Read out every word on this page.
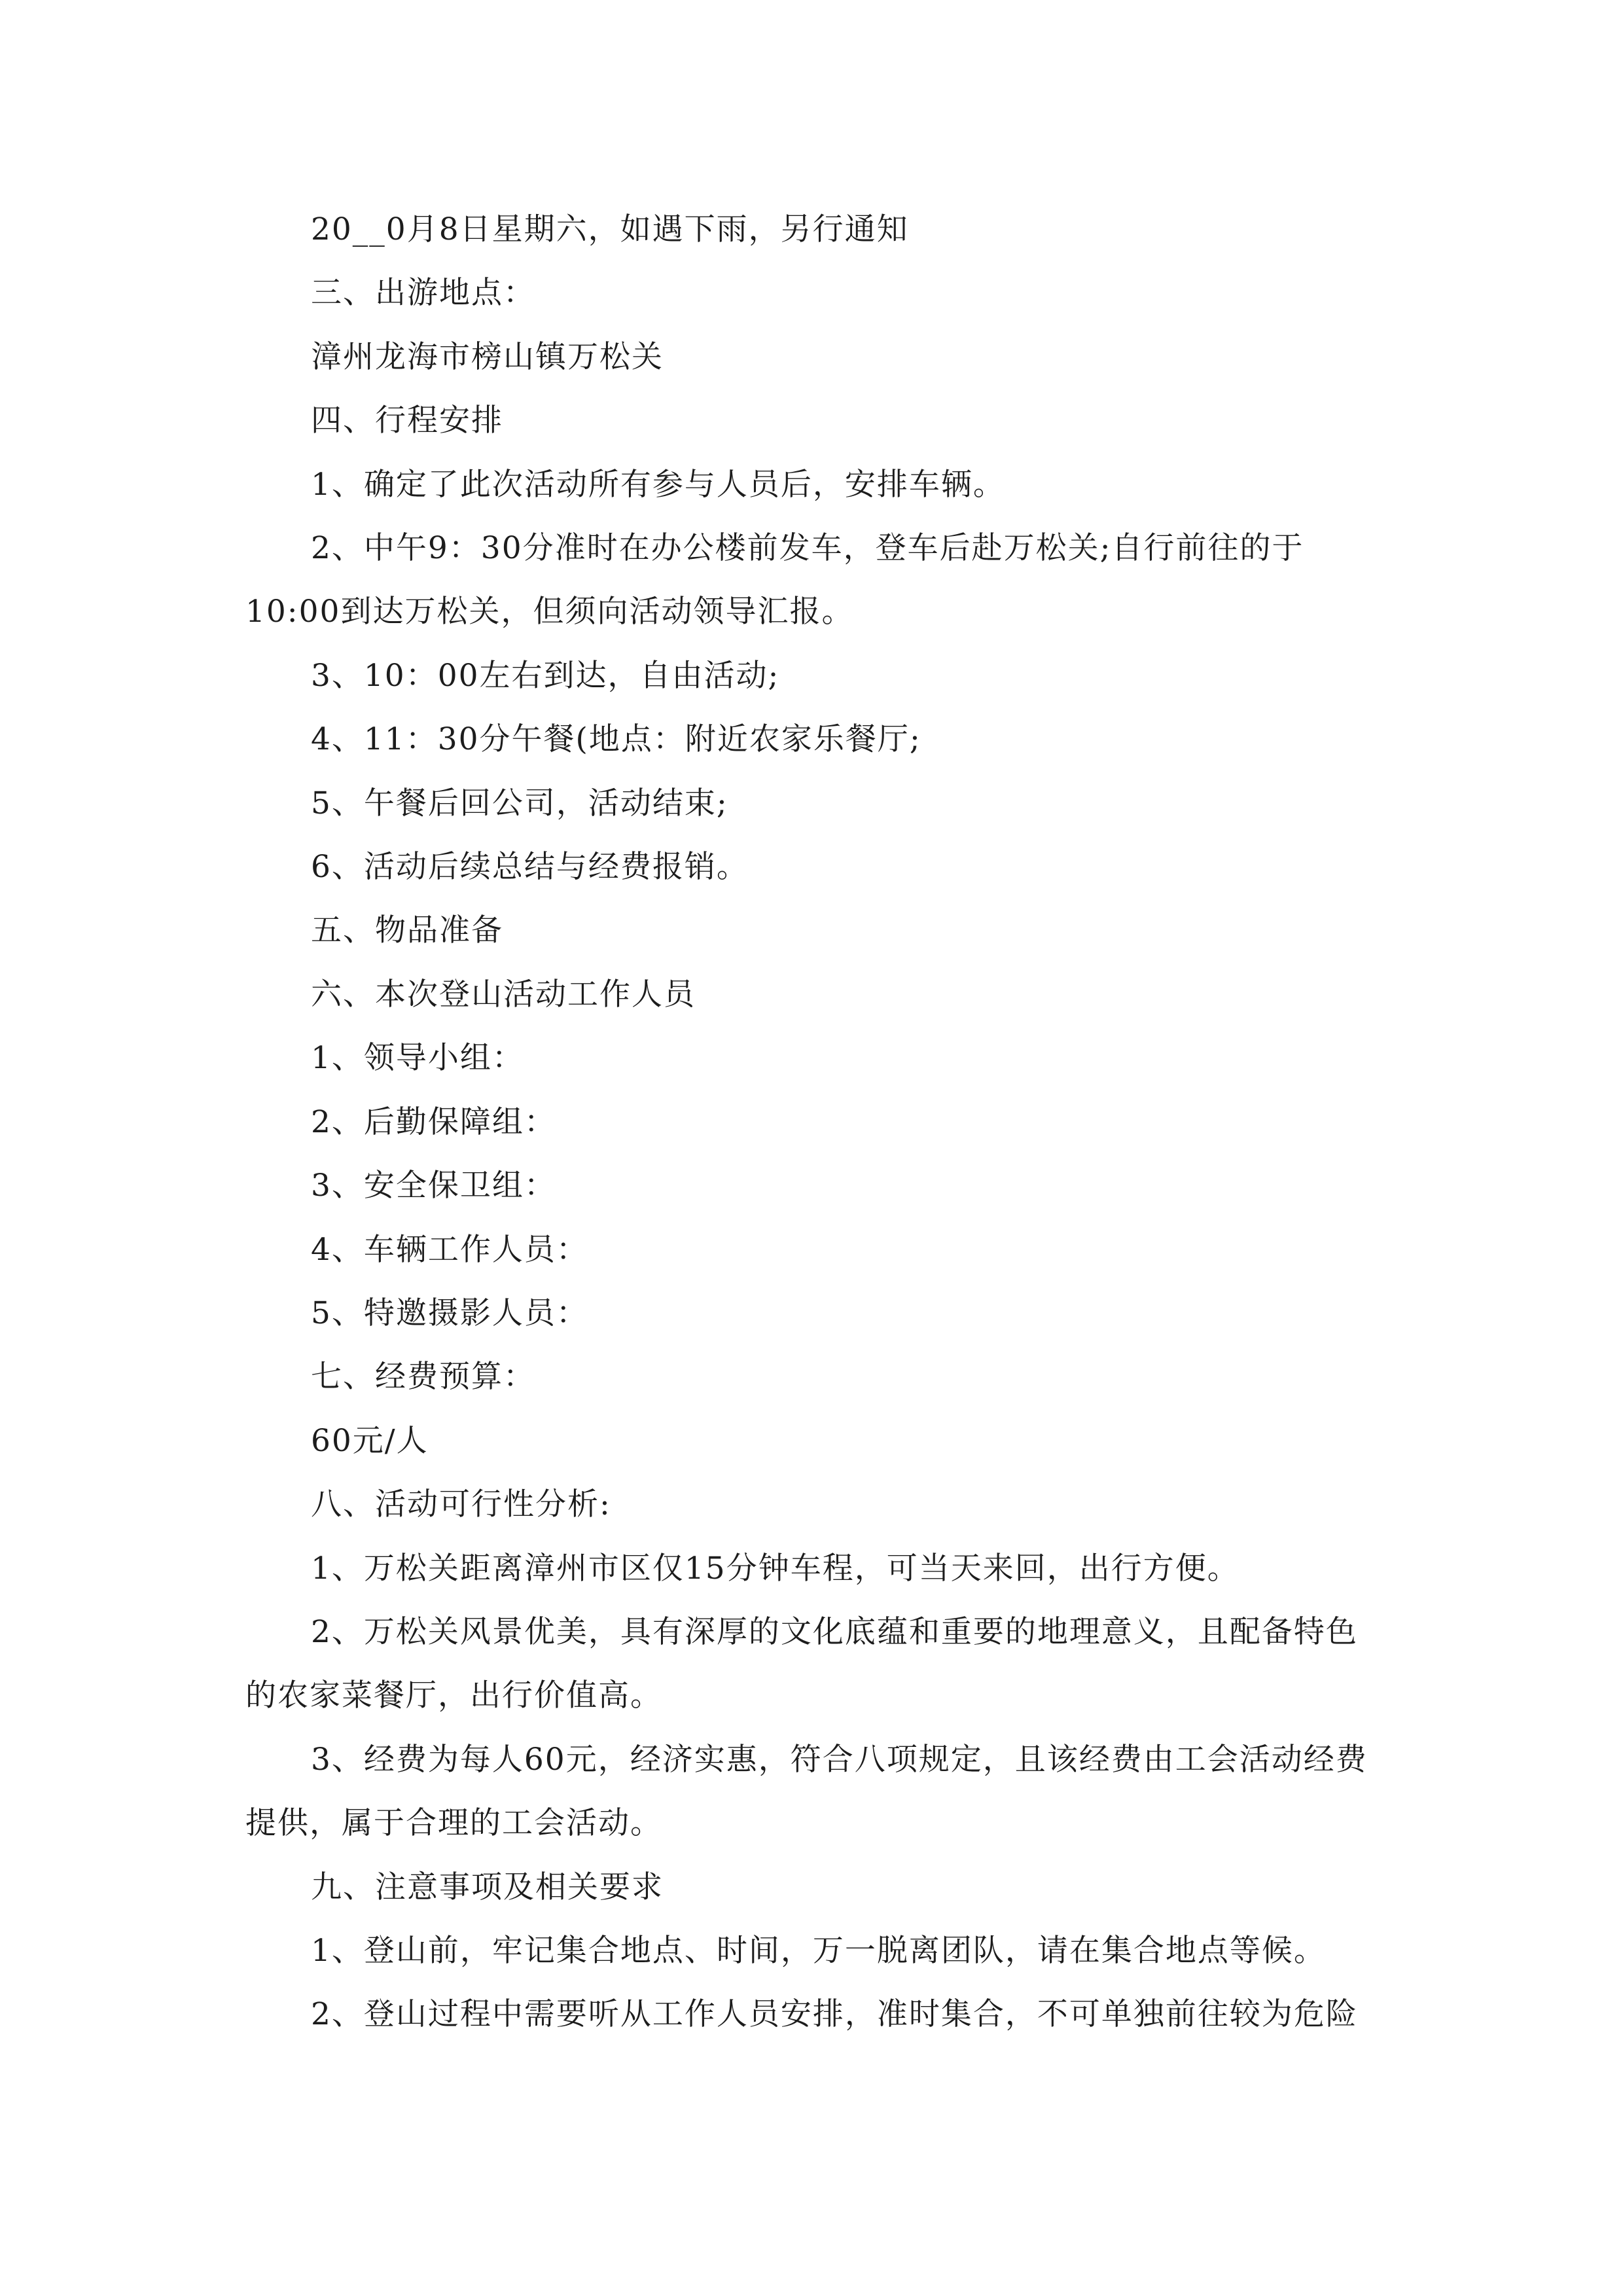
20__0月8日星期六，如遇下雨，另行通知

三、出游地点：

漳州龙海市榜山镇万松关

四、行程安排

1、确定了此次活动所有参与人员后，安排车辆。

2、中午9：30分准时在办公楼前发车，登车后赴万松关;自行前往的于10:00到达万松关，但须向活动领导汇报。

3、10：00左右到达，自由活动;

4、11：30分午餐(地点：附近农家乐餐厅;

5、午餐后回公司，活动结束;

6、活动后续总结与经费报销。

五、物品准备

六、本次登山活动工作人员

1、领导小组：

2、后勤保障组：

3、安全保卫组：

4、车辆工作人员：

5、特邀摄影人员：

七、经费预算：

60元/人

八、活动可行性分析:

1、万松关距离漳州市区仅15分钟车程，可当天来回，出行方便。

2、万松关风景优美，具有深厚的文化底蕴和重要的地理意义，且配备特色的农家菜餐厅，出行价值高。

3、经费为每人60元，经济实惠，符合八项规定，且该经费由工会活动经费提供，属于合理的工会活动。

九、注意事项及相关要求

1、登山前，牢记集合地点、时间，万一脱离团队，请在集合地点等候。

2、登山过程中需要听从工作人员安排，准时集合，不可单独前往较为危险
